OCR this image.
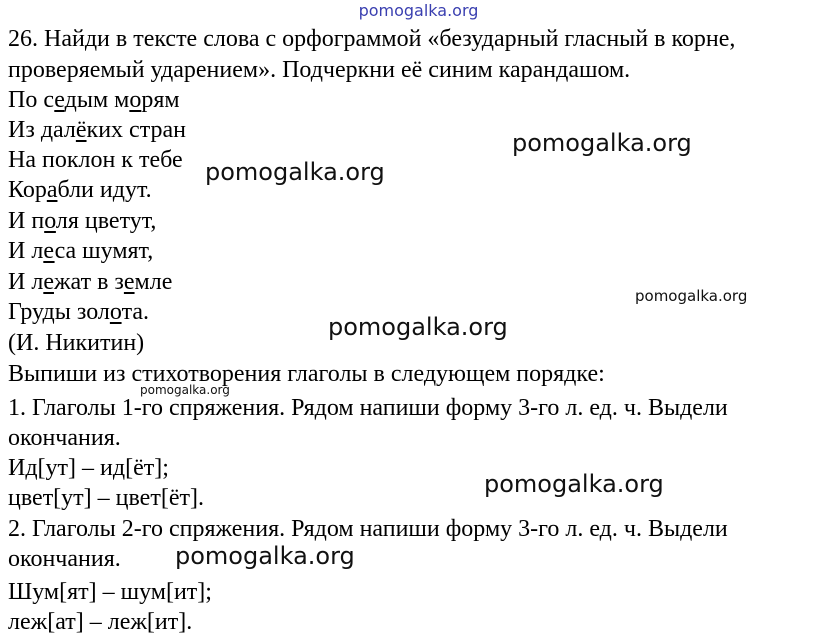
pomogalka.org
26. Найди в тексте слова с орфограммой «безударный гласный в корне,
проверяемый ударением». Подчеркни её синим карандашом.
По седым морям
Из далёких стран
На поклон к тебе
Корабли идут.
И поля цветут,
И леса шумят,
И лежат в земле
Груды золота.
(И. Никитин)
Выпиши из стихотворения глаголы в следующем порядке:
1. Глаголы 1-го спряжения. Рядом напиши форму 3-го л. ед. ч. Выдели
окончания.
Ид[ут] – ид[ёт];
цвет[ут] – цвет[ёт].
2. Глаголы 2-го спряжения. Рядом напиши форму 3-го л. ед. ч. Выдели
окончания.
Шум[ят] – шум[ит];
леж[ат] – леж[ит].
pomogalka.org
pomogalka.org
pomogalka.org
pomogalka.org
pomogalka.org
pomogalka.org
pomogalka.org
